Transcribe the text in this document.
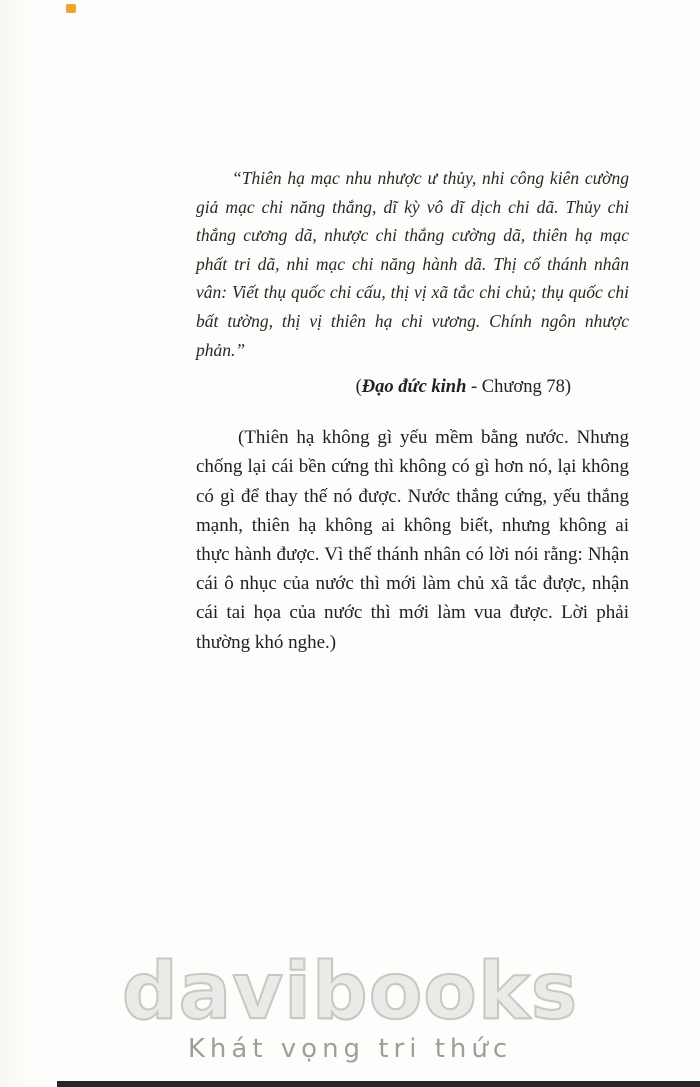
“Thiên hạ mạc nhu nhược ư thủy, nhi công kiên cường giả mạc chi năng thắng, dĩ kỳ vô dĩ dịch chi dã. Thủy chi thắng cương dã, nhược chi thắng cường dã, thiên hạ mạc phất tri dã, nhi mạc chi năng hành dã. Thị cố thánh nhân vân: Viết thụ quốc chi cấu, thị vị xã tắc chi chủ; thụ quốc chi bất tường, thị vị thiên hạ chi vương. Chính ngôn nhược phản.”

(Đạo đức kinh - Chương 78)

(Thiên hạ không gì yếu mềm bằng nước. Nhưng chống lại cái bền cứng thì không có gì hơn nó, lại không có gì để thay thế nó được. Nước thắng cứng, yếu thắng mạnh, thiên hạ không ai không biết, nhưng không ai thực hành được. Vì thế thánh nhân có lời nói rằng: Nhận cái ô nhục của nước thì mới làm chủ xã tắc được, nhận cái tai họa của nước thì mới làm vua được. Lời phải thường khó nghe.)

davibooks
Khát vọng tri thức
